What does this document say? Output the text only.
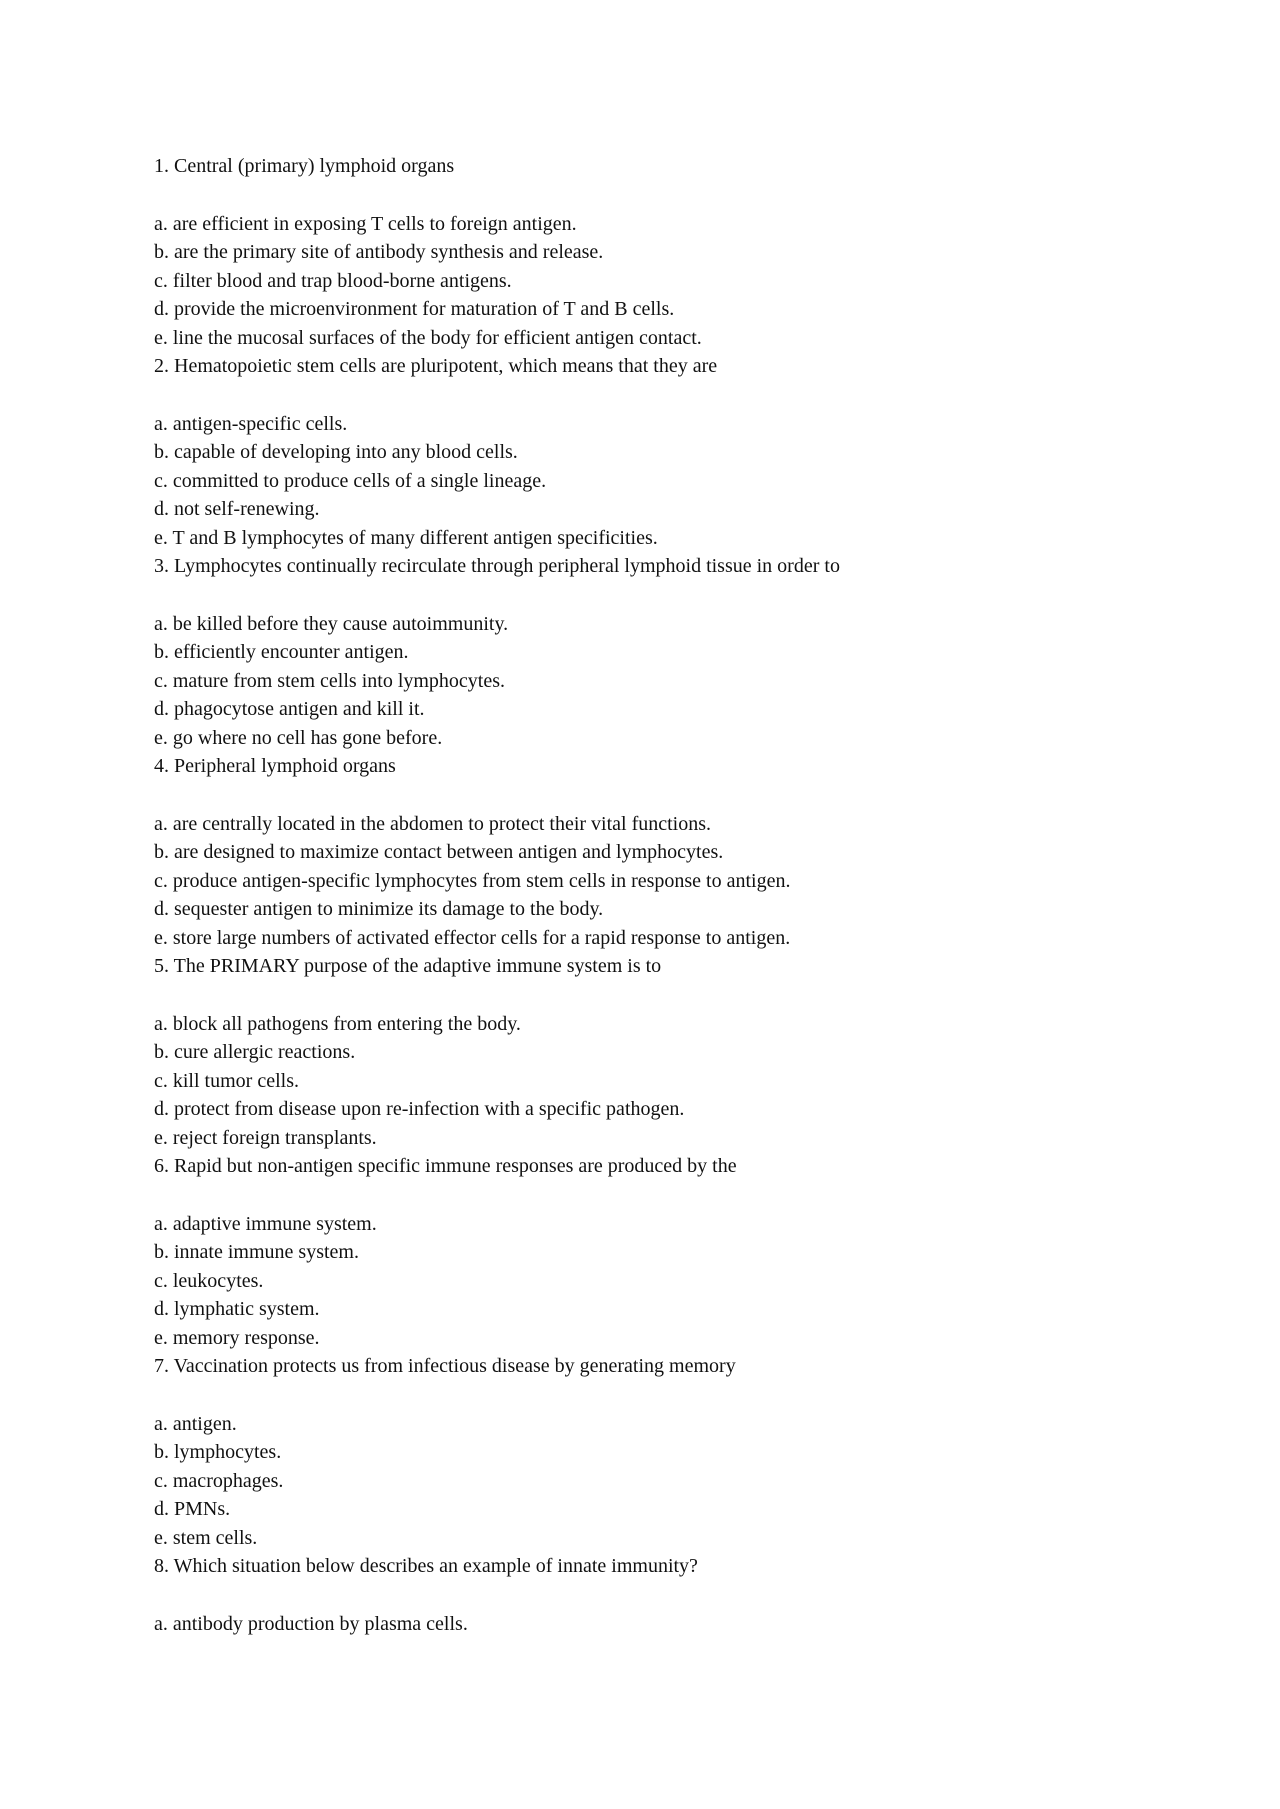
1. Central (primary) lymphoid organs

a. are efficient in exposing T cells to foreign antigen.

b. are the primary site of antibody synthesis and release.

c. filter blood and trap blood-borne antigens.

d. provide the microenvironment for maturation of T and B cells.

e. line the mucosal surfaces of the body for efficient antigen contact.

2. Hematopoietic stem cells are pluripotent, which means that they are

a. antigen-specific cells.

b. capable of developing into any blood cells.

c. committed to produce cells of a single lineage.

d. not self-renewing.

e. T and B lymphocytes of many different antigen specificities.

3. Lymphocytes continually recirculate through peripheral lymphoid tissue in order to

a. be killed before they cause autoimmunity.

b. efficiently encounter antigen.

c. mature from stem cells into lymphocytes.

d. phagocytose antigen and kill it.

e. go where no cell has gone before.

4. Peripheral lymphoid organs

a. are centrally located in the abdomen to protect their vital functions.

b. are designed to maximize contact between antigen and lymphocytes.

c. produce antigen-specific lymphocytes from stem cells in response to antigen.

d. sequester antigen to minimize its damage to the body.

e. store large numbers of activated effector cells for a rapid response to antigen.

5. The PRIMARY purpose of the adaptive immune system is to

a. block all pathogens from entering the body.

b. cure allergic reactions.

c. kill tumor cells.

d. protect from disease upon re-infection with a specific pathogen.

e. reject foreign transplants.

6. Rapid but non-antigen specific immune responses are produced by the

a. adaptive immune system.

b. innate immune system.

c. leukocytes.

d. lymphatic system.

e. memory response.

7. Vaccination protects us from infectious disease by generating memory

a. antigen.

b. lymphocytes.

c. macrophages.

d. PMNs.

e. stem cells.

8. Which situation below describes an example of innate immunity?

a. antibody production by plasma cells.
